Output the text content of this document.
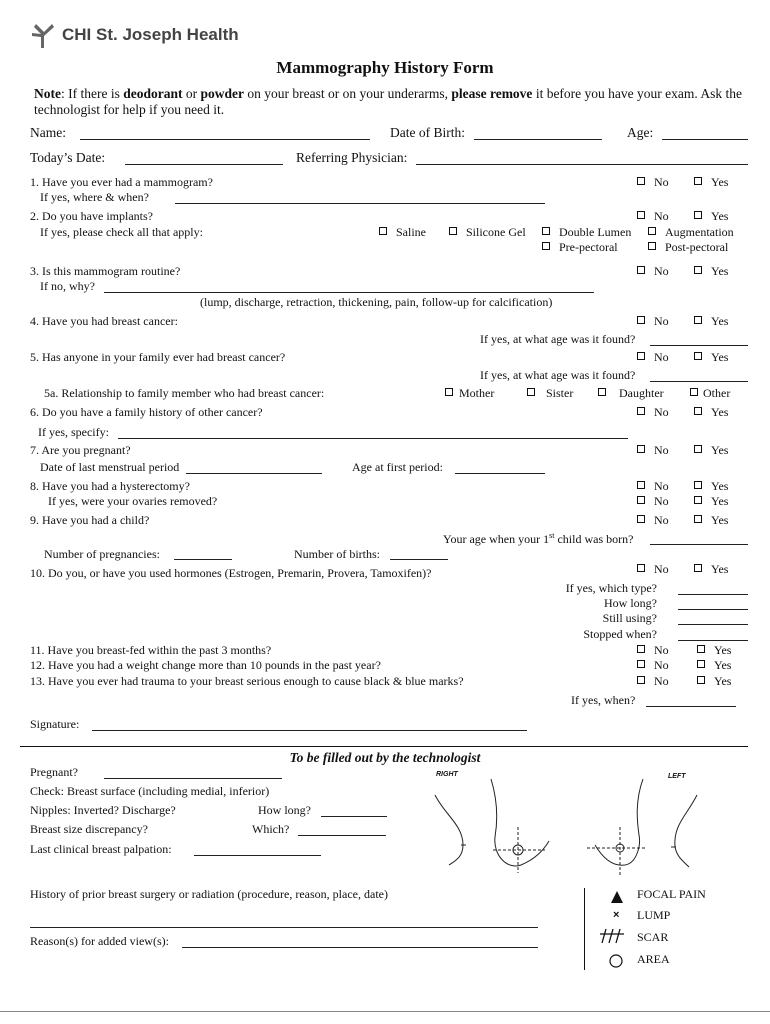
CHI St. Joseph Health
Mammography History Form
Note: If there is deodorant or powder on your breast or on your underarms, please remove it before you have your exam. Ask the technologist for help if you need it.
Name:	Date of Birth:	Age:
Today’s Date:	Referring Physician:
1. Have you ever had a mammogram?	No	Yes
If yes, where & when?
2. Do you have implants?	No	Yes
If yes, please check all that apply:	Saline	Silicone Gel	Double Lumen	Augmentation
Pre-pectoral	Post-pectoral
3. Is this mammogram routine?	No	Yes
If no, why?
(lump, discharge, retraction, thickening, pain, follow-up for calcification)
4. Have you had breast cancer:	No	Yes
If yes, at what age was it found?
5. Has anyone in your family ever had breast cancer?	No	Yes
If yes, at what age was it found?
5a. Relationship to family member who had breast cancer:	Mother	Sister	Daughter	Other
6. Do you have a family history of other cancer?	No	Yes
If yes, specify:
7. Are you pregnant?	No	Yes
Date of last menstrual period	Age at first period:
8. Have you had a hysterectomy?	No	Yes
If yes, were your ovaries removed?	No	Yes
9. Have you had a child?	No	Yes
Your age when your 1st child was born?
Number of pregnancies:	Number of births:
10. Do you, or have you used hormones (Estrogen, Premarin, Provera, Tamoxifen)?	No	Yes
If yes, which type?
How long?
Still using?
Stopped when?
11. Have you breast-fed within the past 3 months?	No	Yes
12. Have you had a weight change more than 10 pounds in the past year?	No	Yes
13. Have you ever had trauma to your breast serious enough to cause black & blue marks?	No	Yes
If yes, when?
Signature:
To be filled out by the technologist
Pregnant?
Check: Breast surface (including medial, inferior)
Nipples: Inverted? Discharge?	How long?
Breast size discrepancy?	Which?
Last clinical breast palpation:
History of prior breast surgery or radiation (procedure, reason, place, date)
Reason(s) for added view(s):
RIGHT	LEFT
FOCAL PAIN
× LUMP
SCAR
AREA
